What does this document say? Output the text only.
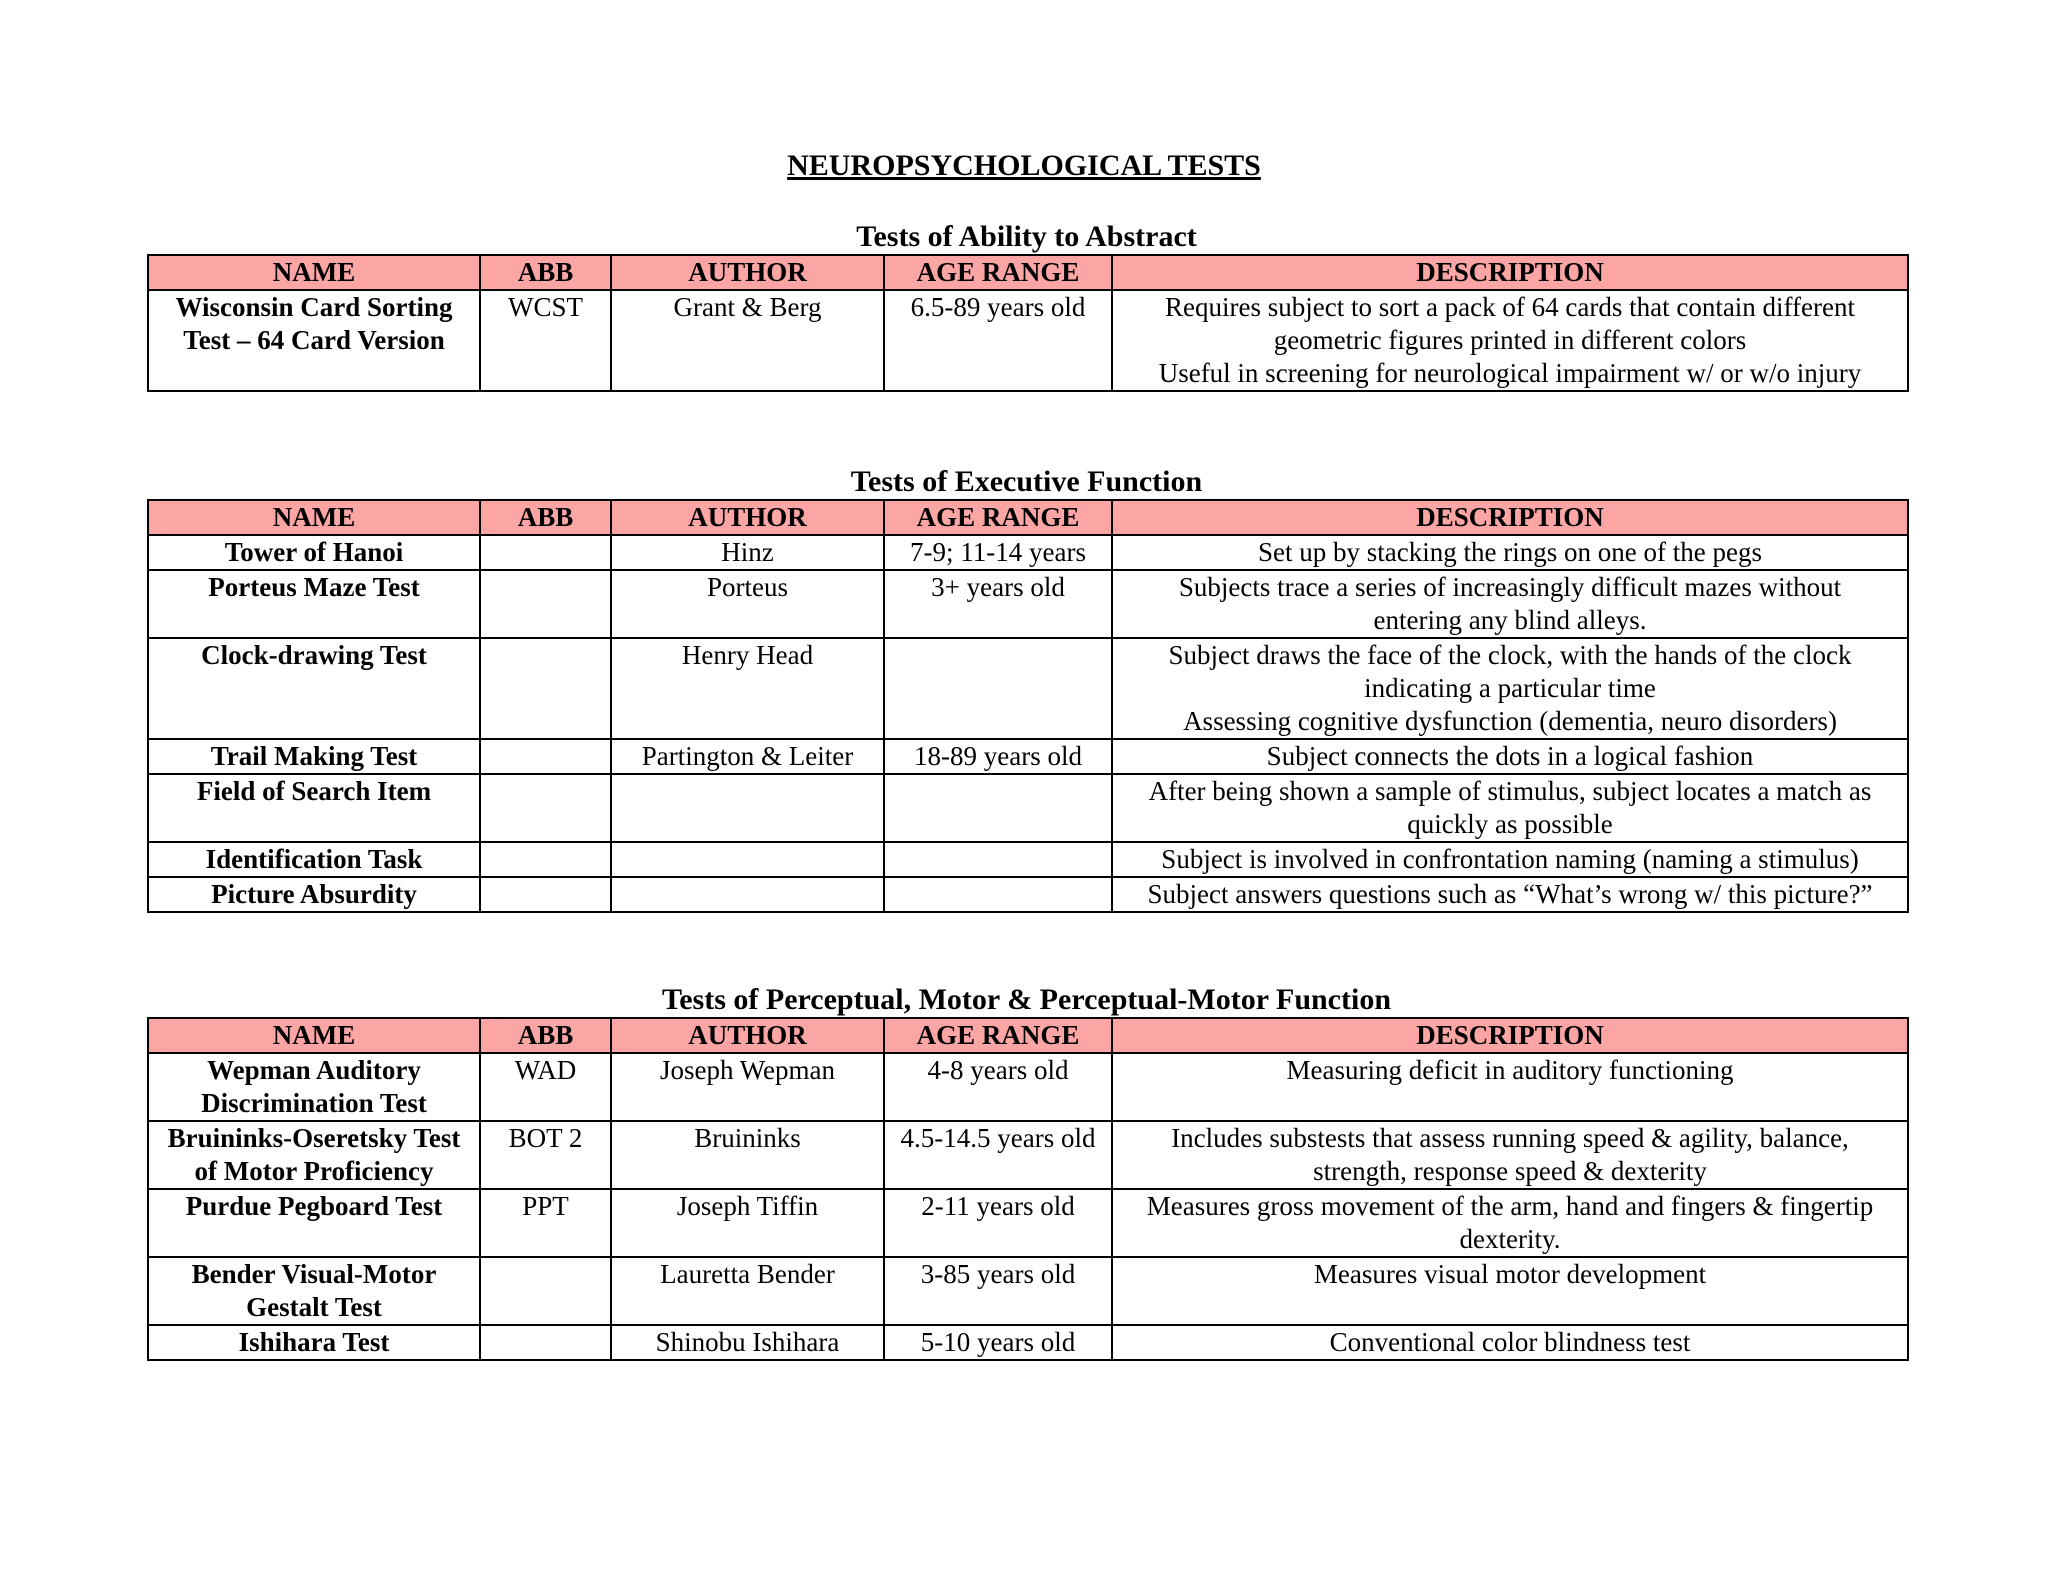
NEUROPSYCHOLOGICAL TESTS
Tests of Ability to Abstract
NAME	ABB	AUTHOR	AGE RANGE	DESCRIPTION

Wisconsin Card Sorting
Test – 64 Card Version	WCST	Grant & Berg	6.5-89 years old	Requires subject to sort a pack of 64 cards that contain different
geometric figures printed in different colors
Useful in screening for neurological impairment w/ or w/o injury
Tests of Executive Function
NAME	ABB	AUTHOR	AGE RANGE	DESCRIPTION

Tower of Hanoi		Hinz	7-9; 11-14 years	Set up by stacking the rings on one of the pegs

Porteus Maze Test		Porteus	3+ years old	Subjects trace a series of increasingly difficult mazes without
entering any blind alleys.

Clock-drawing Test		Henry Head		Subject draws the face of the clock, with the hands of the clock
indicating a particular time
Assessing cognitive dysfunction (dementia, neuro disorders)

Trail Making Test		Partington & Leiter	18-89 years old	Subject connects the dots in a logical fashion

Field of Search Item				After being shown a sample of stimulus, subject locates a match as
quickly as possible

Identification Task				Subject is involved in confrontation naming (naming a stimulus)

Picture Absurdity				Subject answers questions such as “What’s wrong w/ this picture?”
Tests of Perceptual, Motor & Perceptual-Motor Function
NAME	ABB	AUTHOR	AGE RANGE	DESCRIPTION

Wepman Auditory
Discrimination Test	WAD	Joseph Wepman	4-8 years old	Measuring deficit in auditory functioning

Bruininks-Oseretsky Test
of Motor Proficiency	BOT 2	Bruininks	4.5-14.5 years old	Includes substests that assess running speed & agility, balance,
strength, response speed & dexterity

Purdue Pegboard Test	PPT	Joseph Tiffin	2-11 years old	Measures gross movement of the arm, hand and fingers & fingertip
dexterity.

Bender Visual-Motor
Gestalt Test		Lauretta Bender	3-85 years old	Measures visual motor development

Ishihara Test		Shinobu Ishihara	5-10 years old	Conventional color blindness test
